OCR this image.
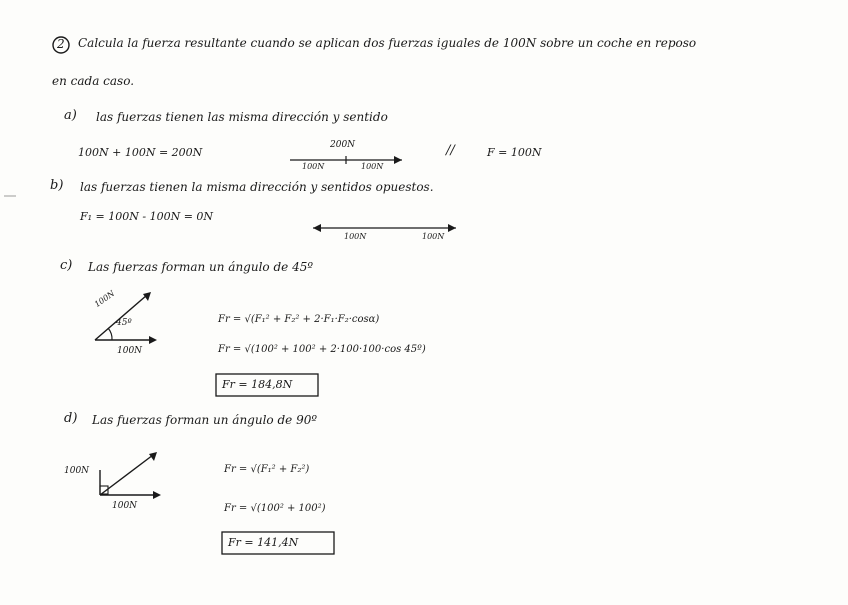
2 Calcula la fuerza resultante cuando se aplican dos fuerzas iguales de 100N sobre un coche en reposo
en cada caso.
a) las fuerzas tienen las misma dirección y sentido
100N + 100N = 200N
200N
100N	100N
//	F = 100N
b) las fuerzas tienen la misma dirección y sentidos opuestos.
F₁ = 100N - 100N = 0N
100N	100N
c) Las fuerzas forman un ángulo de 45º
100N
45º
100N
Fr = √(F₁² + F₂² + 2·F₁·F₂·cosα)
Fr = √(100² + 100² + 2·100·100·cos 45º)
Fr = 184,8N
d) Las fuerzas forman un ángulo de 90º
100N
100N
Fr = √(F₁² + F₂²)
Fr = √(100² + 100²)
Fr = 141,4N
